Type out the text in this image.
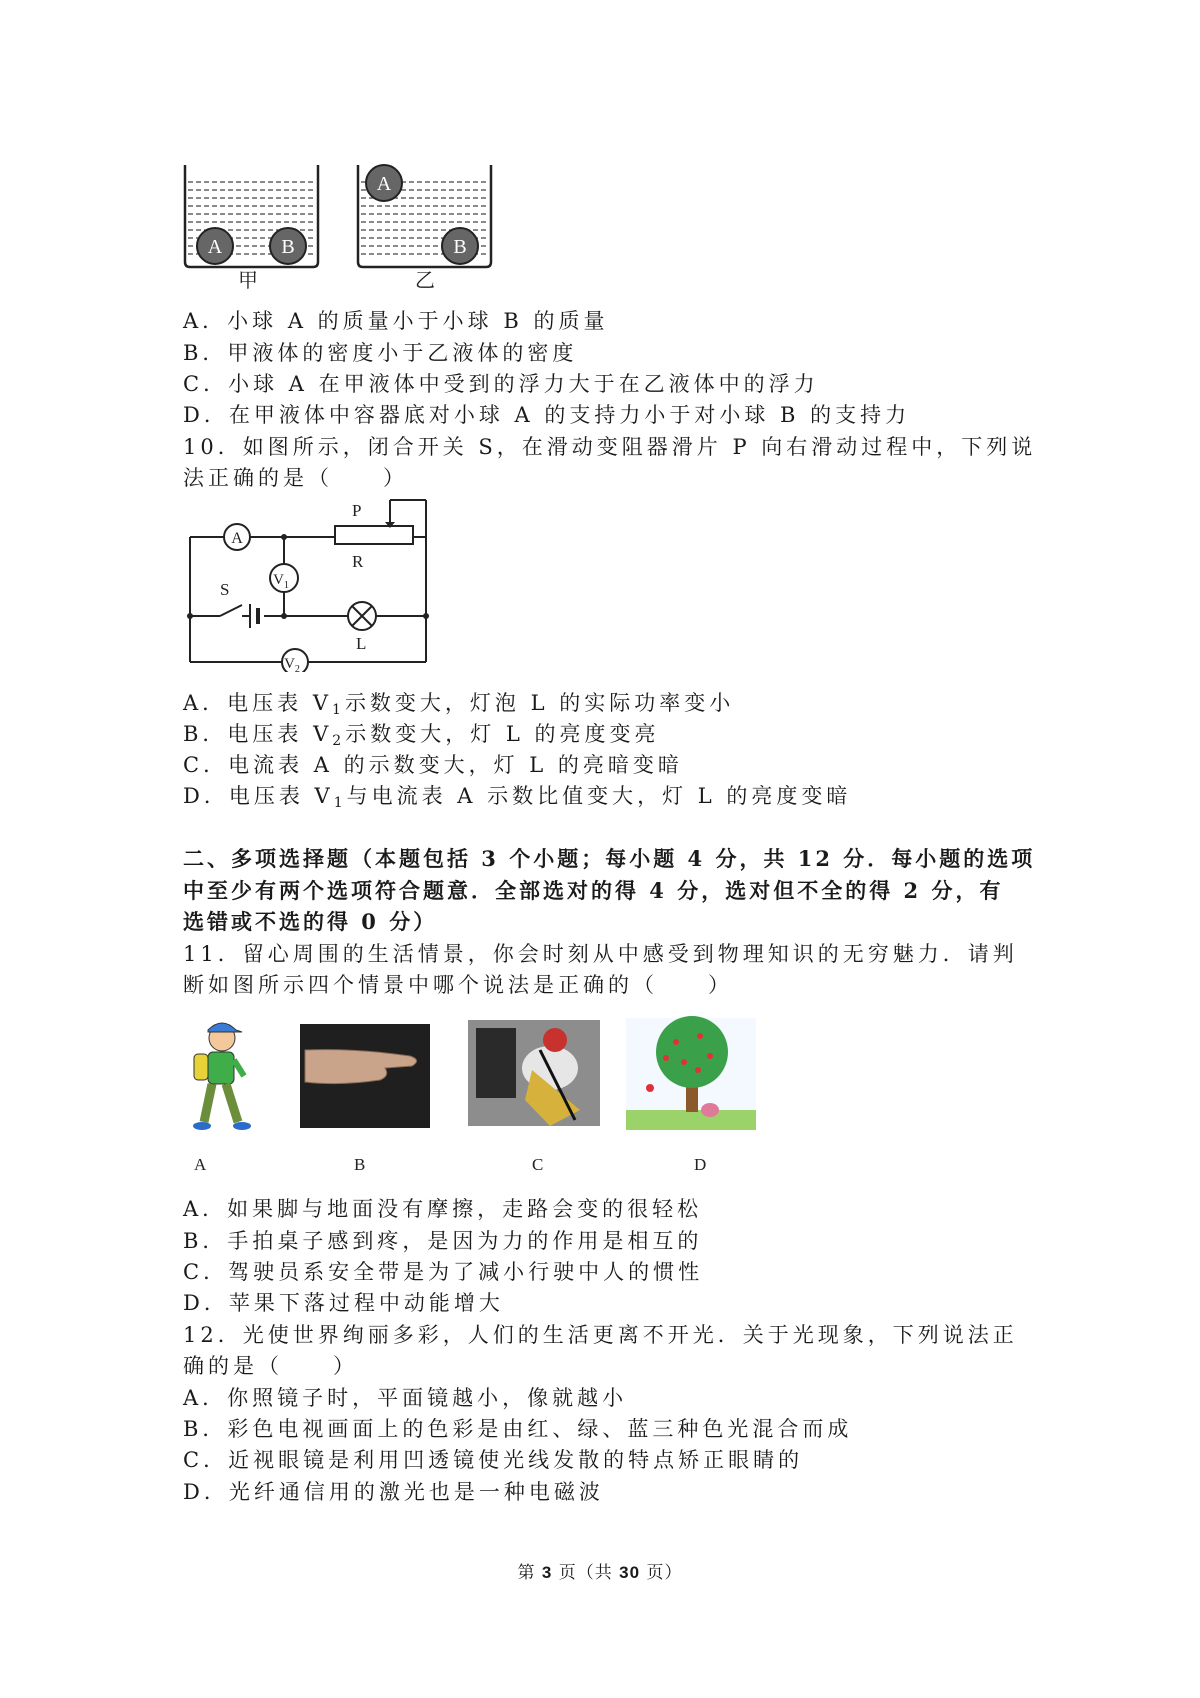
A	B
甲
A
B
乙
A．小球 A 的质量小于小球 B 的质量
B．甲液体的密度小于乙液体的密度
C．小球 A 在甲液体中受到的浮力大于在乙液体中的浮力
D．在甲液体中容器底对小球 A 的支持力小于对小球 B 的支持力
10．如图所示，闭合开关 S，在滑动变阻器滑片 P 向右滑动过程中，下列说
法正确的是（　　）
A
$V_1$
$V_2$
P
R
S
L
A．电压表 $V_1$示数变大，灯泡 L 的实际功率变小
B．电压表 $V_2$示数变大，灯 L 的亮度变亮
C．电流表 A 的示数变大，灯 L 的亮暗变暗
D．电压表 $V_1$与电流表 A 示数比值变大，灯 L 的亮度变暗
二、多项选择题（本题包括 3 个小题；每小题 4 分，共 12 分．每小题的选项
中至少有两个选项符合题意．全部选对的得 4 分，选对但不全的得 2 分，有
选错或不选的得 0 分）
11．留心周围的生活情景，你会时刻从中感受到物理知识的无穷魅力．请判
断如图所示四个情景中哪个说法是正确的（　　）
A	B	C	D
A．如果脚与地面没有摩擦，走路会变的很轻松
B．手拍桌子感到疼，是因为力的作用是相互的
C．驾驶员系安全带是为了减小行驶中人的惯性
D．苹果下落过程中动能增大
12．光使世界绚丽多彩，人们的生活更离不开光．关于光现象，下列说法正
确的是（　　）
A．你照镜子时，平面镜越小，像就越小
B．彩色电视画面上的色彩是由红、绿、蓝三种色光混合而成
C．近视眼镜是利用凹透镜使光线发散的特点矫正眼睛的
D．光纤通信用的激光也是一种电磁波
第 3 页（共 30 页）
